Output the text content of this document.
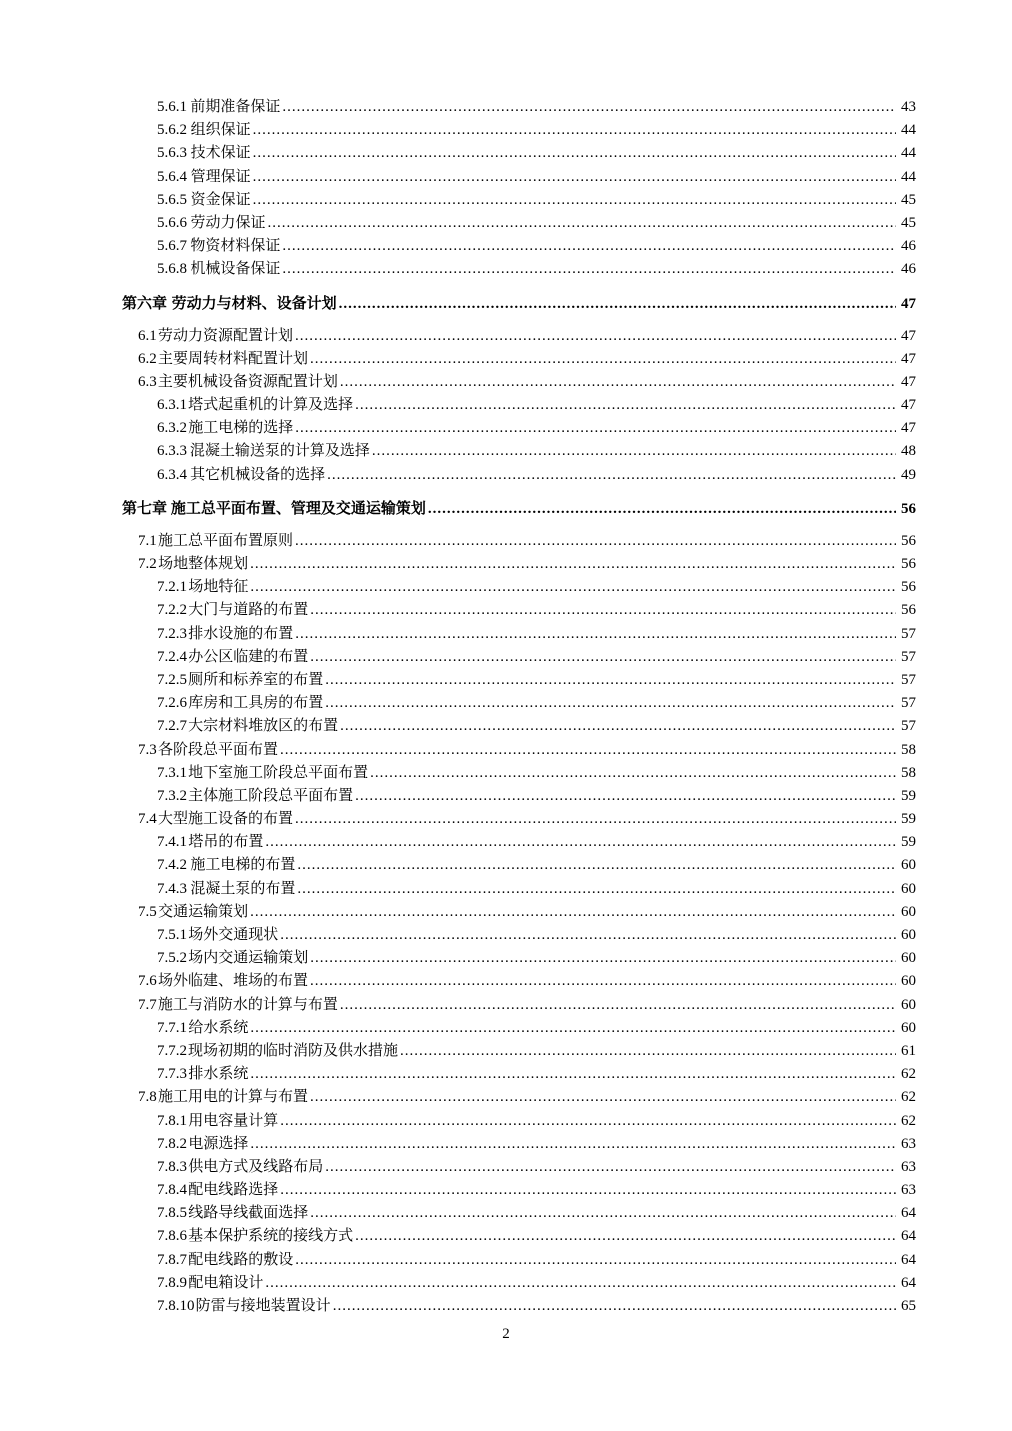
5.6.1 前期准备保证 .....	43
5.6.2 组织保证 .....	44
5.6.3 技术保证 .....	44
5.6.4 管理保证 .....	44
5.6.5 资金保证 .....	45
5.6.6 劳动力保证 .....	45
5.6.7 物资材料保证 .....	46
5.6.8 机械设备保证 .....	46
第六章 劳动力与材料、设备计划 .....	47
6.1 劳动力资源配置计划 .....	47
6.2 主要周转材料配置计划 .....	47
6.3 主要机械设备资源配置计划 .....	47
6.3.1 塔式起重机的计算及选择 .....	47
6.3.2 施工电梯的选择 .....	47
6.3.3 混凝土输送泵的计算及选择 .....	48
6.3.4 其它机械设备的选择 .....	49
第七章 施工总平面布置、管理及交通运输策划 .....	56
7.1 施工总平面布置原则 .....	56
7.2 场地整体规划 .....	56
7.2.1 场地特征 .....	56
7.2.2 大门与道路的布置 .....	56
7.2.3 排水设施的布置 .....	57
7.2.4 办公区临建的布置 .....	57
7.2.5 厕所和标养室的布置 .....	57
7.2.6 库房和工具房的布置 .....	57
7.2.7 大宗材料堆放区的布置 .....	57
7.3 各阶段总平面布置 .....	58
7.3.1 地下室施工阶段总平面布置 .....	58
7.3.2 主体施工阶段总平面布置 .....	59
7.4 大型施工设备的布置 .....	59
7.4.1 塔吊的布置 .....	59
7.4.2 施工电梯的布置 .....	60
7.4.3 混凝土泵的布置 .....	60
7.5 交通运输策划 .....	60
7.5.1 场外交通现状 .....	60
7.5.2 场内交通运输策划 .....	60
7.6 场外临建、堆场的布置 .....	60
7.7 施工与消防水的计算与布置 .....	60
7.7.1 给水系统 .....	60
7.7.2 现场初期的临时消防及供水措施 .....	61
7.7.3 排水系统 .....	62
7.8 施工用电的计算与布置 .....	62
7.8.1 用电容量计算 .....	62
7.8.2 电源选择 .....	63
7.8.3 供电方式及线路布局 .....	63
7.8.4 配电线路选择 .....	63
7.8.5 线路导线截面选择 .....	64
7.8.6 基本保护系统的接线方式 .....	64
7.8.7 配电线路的敷设 .....	64
7.8.9 配电箱设计 .....	64
7.8.10 防雷与接地装置设计 .....	65
2
